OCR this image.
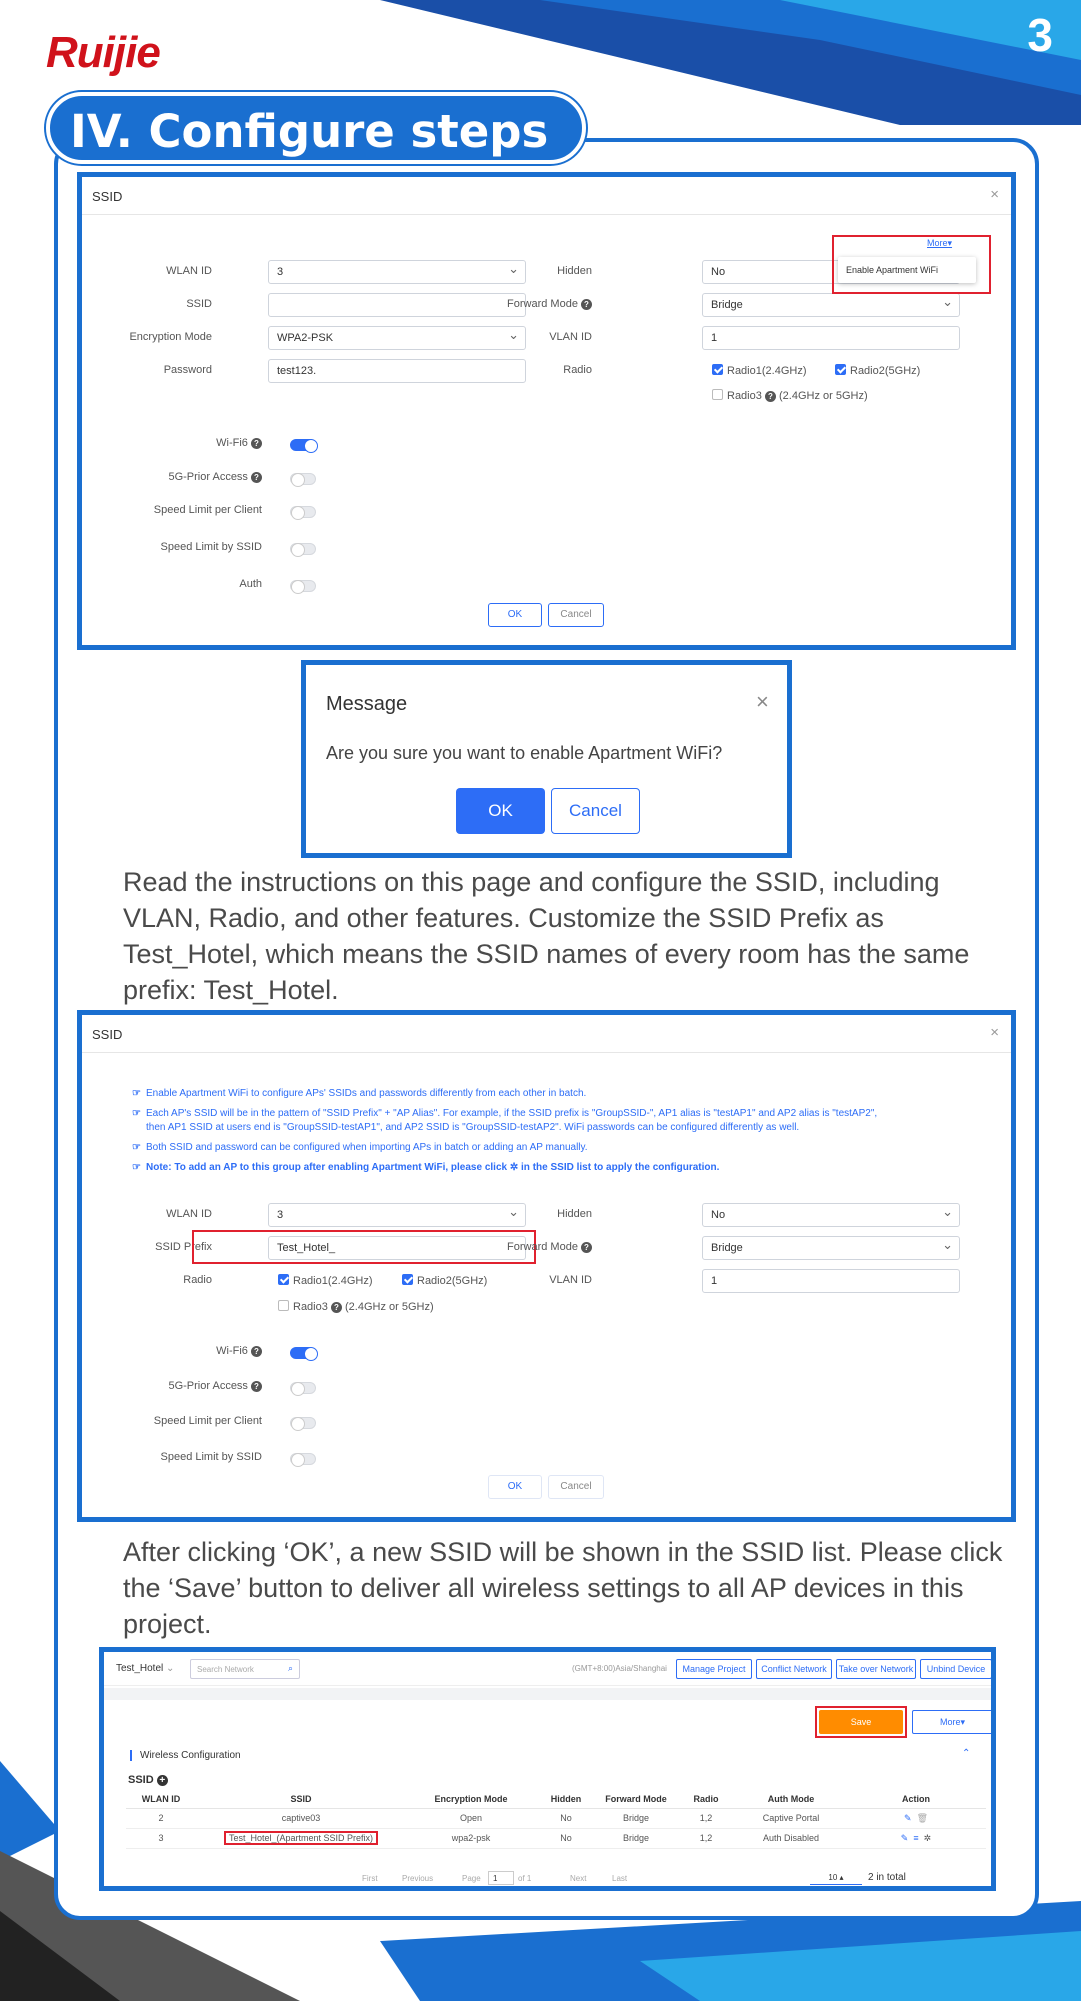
Ruijie	3
IV. Configure steps
SSID	×
WLAN ID	3 ⌄
SSID
Encryption Mode	WPA2-PSK ⌄
Password	test123.
Hidden	No ⌄
Forward Mode ?	Bridge ⌄
VLAN ID	1
Radio	Radio1(2.4GHz)	Radio2(5GHz)
Radio3 ? (2.4GHz or 5GHz)
More▾
Enable Apartment WiFi
Wi-Fi6 ?
5G-Prior Access ?
Speed Limit per Client
Speed Limit by SSID
Auth
OK	Cancel
Message	×
Are you sure you want to enable Apartment WiFi?
OK	Cancel
Read the instructions on this page and configure the SSID, including VLAN, Radio, and other features. Customize the SSID Prefix as Test_Hotel, which means the SSID names of every room has the same prefix: Test_Hotel.
SSID	×
☞ Enable Apartment WiFi to configure APs' SSIDs and passwords differently from each other in batch.
☞ Each AP's SSID will be in the pattern of "SSID Prefix" + "AP Alias". For example, if the SSID prefix is "GroupSSID-", AP1 alias is "testAP1" and AP2 alias is "testAP2",
then AP1 SSID at users end is "GroupSSID-testAP1", and AP2 SSID is "GroupSSID-testAP2". WiFi passwords can be configured differently as well.
☞ Both SSID and password can be configured when importing APs in batch or adding an AP manually.
☞ Note: To add an AP to this group after enabling Apartment WiFi, please click ✲ in the SSID list to apply the configuration.
WLAN ID	3 ⌄
SSID Prefix	Test_Hotel_
Radio	Radio1(2.4GHz)	Radio2(5GHz)
Radio3 ? (2.4GHz or 5GHz)
Hidden	No ⌄
Forward Mode ?	Bridge ⌄
VLAN ID	1
Wi-Fi6 ?
5G-Prior Access ?
Speed Limit per Client
Speed Limit by SSID
OK	Cancel
After clicking ‘OK’, a new SSID will be shown in the SSID list. Please click the ‘Save’ button to deliver all wireless settings to all AP devices in this project.
Test_Hotel ⌄	Search Network	⌕	(GMT+8:00)Asia/Shanghai	Manage Project	Conflict Network	Take over Network	Unbind Device
Save	More▾
Wireless Configuration	⌃
SSID +
WLAN ID	SSID	Encryption Mode	Hidden	Forward Mode	Radio	Auth Mode	Action
2	captive03	Open	No	Bridge	1,2	Captive Portal	✎ 🗑
3	Test_Hotel_(Apartment SSID Prefix)	wpa2-psk	No	Bridge	1,2	Auth Disabled	✎ ≡ ✲
First	Previous	Page	1	of 1	Next	Last	10 ▴	2 in total
